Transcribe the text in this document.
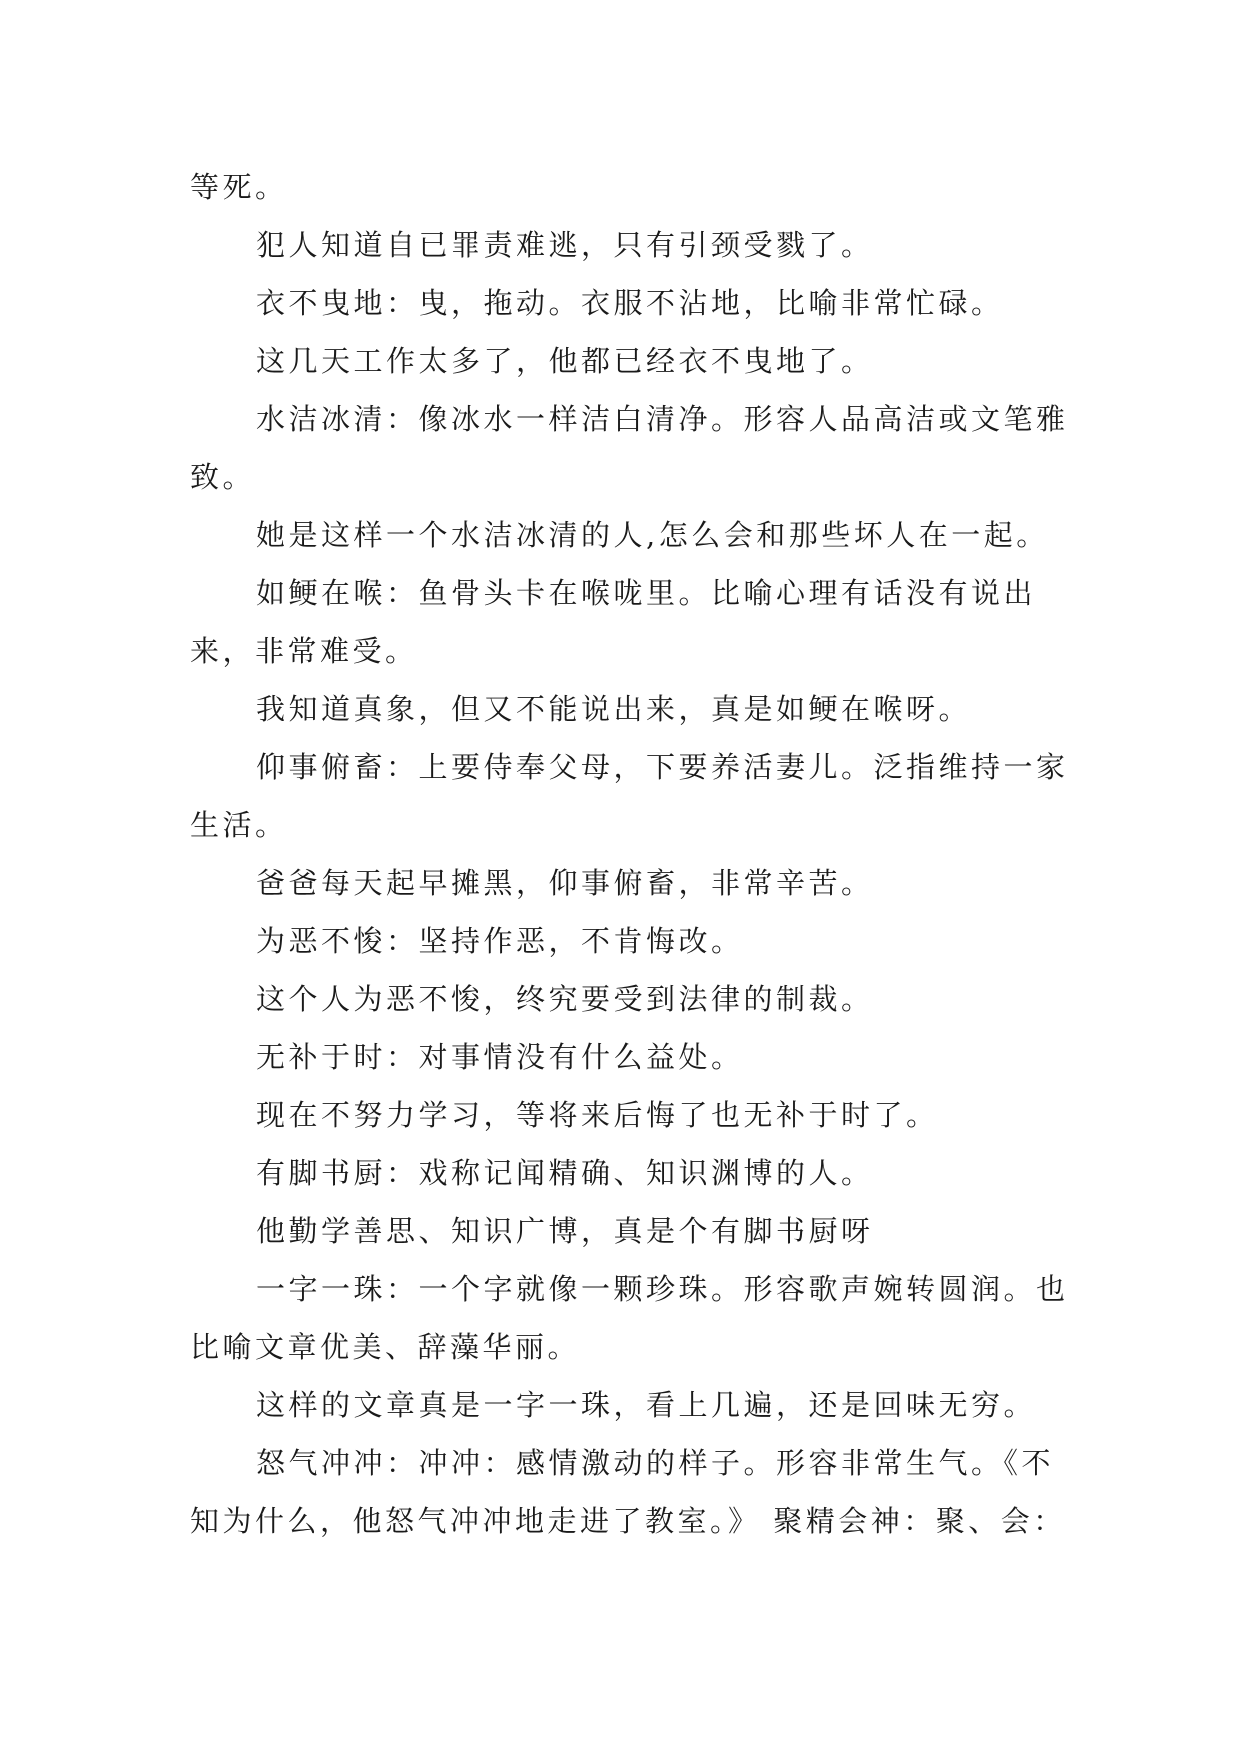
等死。

犯人知道自已罪责难逃，只有引颈受戮了。

衣不曳地：曳，拖动。衣服不沾地，比喻非常忙碌。

这几天工作太多了，他都已经衣不曳地了。

水洁冰清：像冰水一样洁白清净。形容人品高洁或文笔雅致。

她是这样一个水洁冰清的人,怎么会和那些坏人在一起。

如鲠在喉：鱼骨头卡在喉咙里。比喻心理有话没有说出来，非常难受。

我知道真象，但又不能说出来，真是如鲠在喉呀。

仰事俯畜：上要侍奉父母，下要养活妻儿。泛指维持一家生活。

爸爸每天起早摊黑，仰事俯畜，非常辛苦。

为恶不悛：坚持作恶，不肯悔改。

这个人为恶不悛，终究要受到法律的制裁。

无补于时：对事情没有什么益处。

现在不努力学习，等将来后悔了也无补于时了。

有脚书厨：戏称记闻精确、知识渊博的人。

他勤学善思、知识广博，真是个有脚书厨呀

一字一珠：一个字就像一颗珍珠。形容歌声婉转圆润。也比喻文章优美、辞藻华丽。

这样的文章真是一字一珠，看上几遍，还是回味无穷。

怒气冲冲：冲冲：感情激动的样子。形容非常生气。《不知为什么，他怒气冲冲地走进了教室。》 聚精会神：聚、会：
